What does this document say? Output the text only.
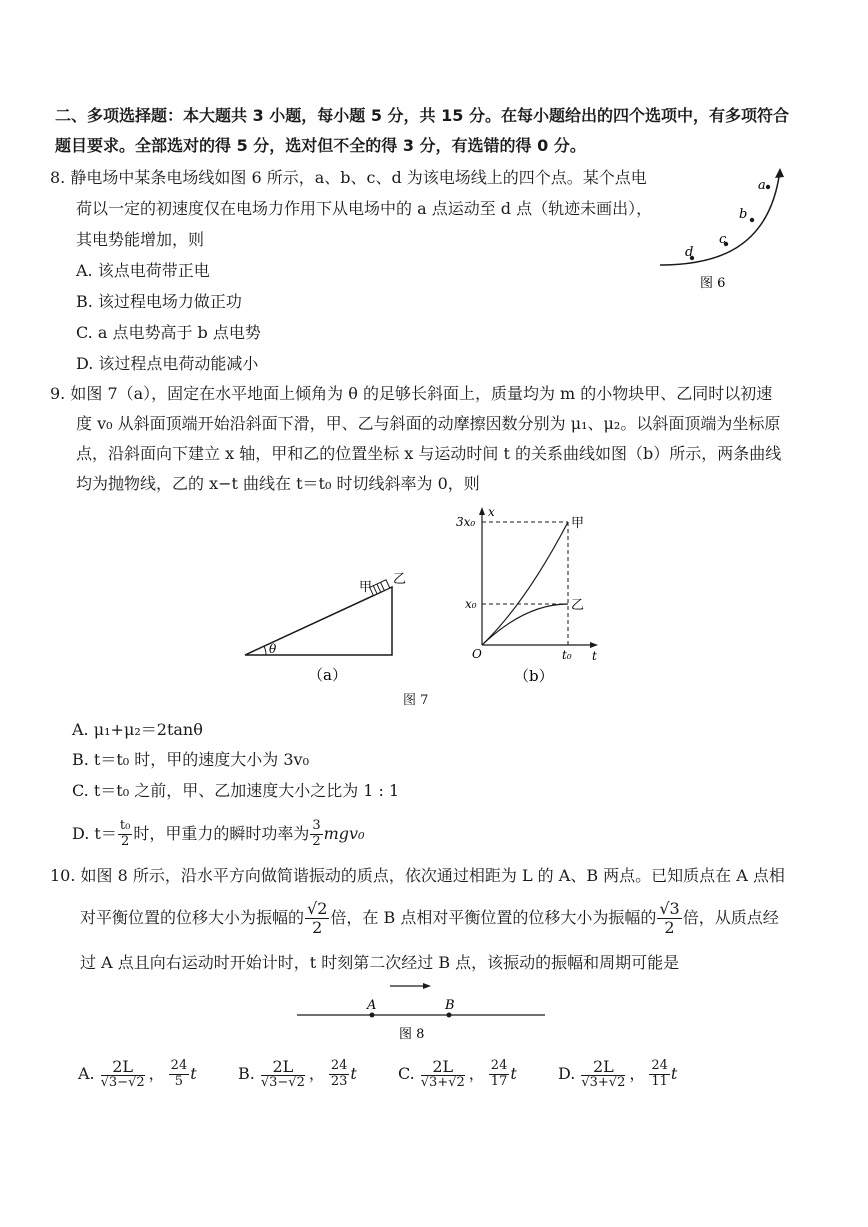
二、多项选择题：本大题共 3 小题，每小题 5 分，共 15 分。在每小题给出的四个选项中，有多项符合
题目要求。全部选对的得 5 分，选对但不全的得 3 分，有选错的得 0 分。
8. 静电场中某条电场线如图 6 所示，a、b、c、d 为该电场线上的四个点。某个点电
荷以一定的初速度仅在电场力作用下从电场中的 a 点运动至 d 点（轨迹未画出），
其电势能增加，则
A. 该点电荷带正电
B. 该过程电场力做正功
C. a 点电势高于 b 点电势
D. 该过程点电荷动能减小
a
b
c
d
图 6
9. 如图 7（a），固定在水平地面上倾角为 θ 的足够长斜面上，质量均为 m 的小物块甲、乙同时以初速
度 v₀ 从斜面顶端开始沿斜面下滑，甲、乙与斜面的动摩擦因数分别为 μ₁、μ₂。以斜面顶端为坐标原
点，沿斜面向下建立 x 轴，甲和乙的位置坐标 x 与运动时间 t 的关系曲线如图（b）所示，两条曲线
均为抛物线，乙的 x−t 曲线在 t＝t₀ 时切线斜率为 0，则
θ
甲
乙
（a）
x
t
O
3x₀
x₀
t₀
甲
乙
（b）
图 7
A. μ₁+μ₂＝2tanθ
B. t＝t₀ 时，甲的速度大小为 3v₀
C. t＝t₀ 之前，甲、乙加速度大小之比为 1 : 1
D. $t= \frac{\text{t₀}}{2}$ 时，甲重力的瞬时功率为 $\frac{3}{2} mgv_0$
10. 如图 8 所示，沿水平方向做简谐振动的质点，依次通过相距为 L 的 A、B 两点。已知质点在 A 点相
对平衡位置的位移大小为振幅的 $\frac{√2}{2}$ 倍，在 B 点相对平衡位置的位移大小为振幅的 $\frac{√3}{2}$ 倍，从质点经
过 A 点且向右运动时开始计时，t 时刻第二次经过 B 点，该振动的振幅和周期可能是
A	B
图 8
A. $\frac{2L}{√3-√2}$ ， $\frac{24}{5}$ t	B. $\frac{2L}{√3-√2}$ ， $\frac{24}{23}$ t	C. $\frac{2L}{√3+√2}$ ， $\frac{24}{17}$ t	D. $\frac{2L}{√3+√2}$ ， $\frac{24}{11}$ t
